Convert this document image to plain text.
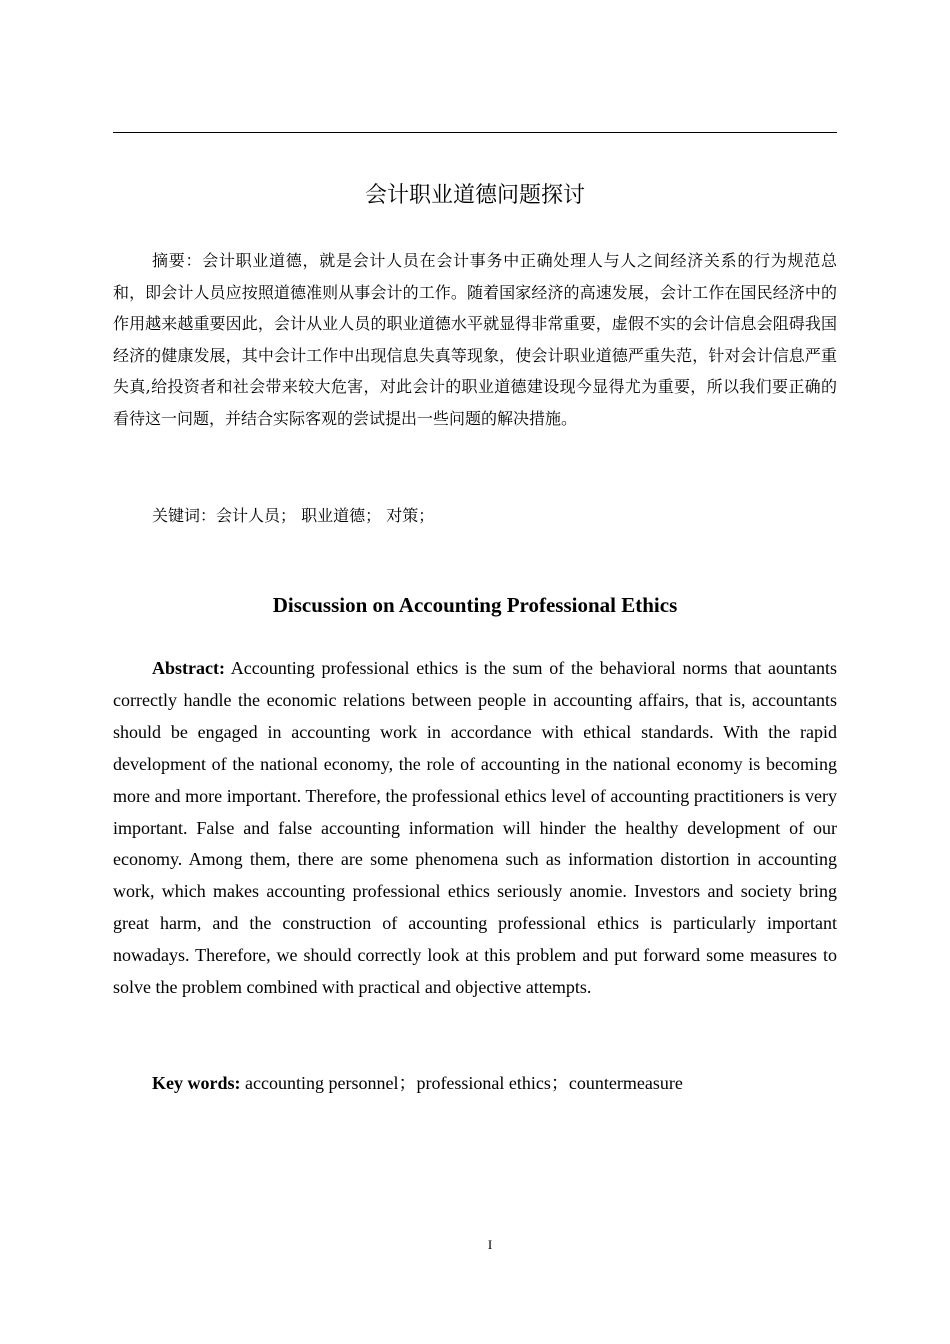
会计职业道德问题探讨

摘要：会计职业道德，就是会计人员在会计事务中正确处理人与人之间经济关系的行为规范总和，即会计人员应按照道德准则从事会计的工作。随着国家经济的高速发展，会计工作在国民经济中的作用越来越重要因此，会计从业人员的职业道德水平就显得非常重要，虚假不实的会计信息会阻碍我国经济的健康发展，其中会计工作中出现信息失真等现象，使会计职业道德严重失范，针对会计信息严重失真,给投资者和社会带来较大危害，对此会计的职业道德建设现今显得尤为重要，所以我们要正确的看待这一问题，并结合实际客观的尝试提出一些问题的解决措施。

关键词：会计人员； 职业道德； 对策；

Discussion on Accounting Professional Ethics

Abstract: Accounting professional ethics is the sum of the behavioral norms that aountants correctly handle the economic relations between people in accounting affairs, that is, accountants should be engaged in accounting work in accordance with ethical standards. With the rapid development of the national economy, the role of accounting in the national economy is becoming more and more important. Therefore, the professional ethics level of accounting practitioners is very important. False and false accounting information will hinder the healthy development of our economy. Among them, there are some phenomena such as information distortion in accounting work, which makes accounting professional ethics seriously anomie. Investors and society bring great harm, and the construction of accounting professional ethics is particularly important nowadays. Therefore, we should correctly look at this problem and put forward some measures to solve the problem combined with practical and objective attempts.

Key words: accounting personnel；professional ethics；countermeasure

I
